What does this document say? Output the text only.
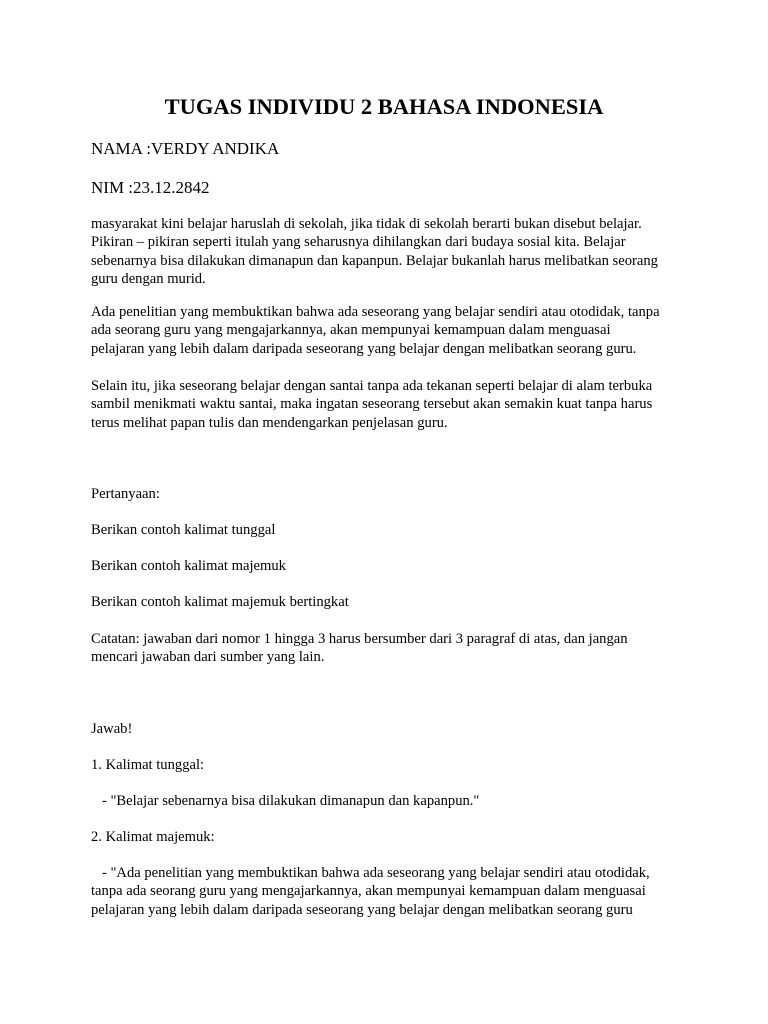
TUGAS INDIVIDU 2 BAHASA INDONESIA

NAMA :VERDY ANDIKA

NIM :23.12.2842

masyarakat kini belajar haruslah di sekolah, jika tidak di sekolah berarti bukan disebut belajar.
Pikiran – pikiran seperti itulah yang seharusnya dihilangkan dari budaya sosial kita. Belajar
sebenarnya bisa dilakukan dimanapun dan kapanpun. Belajar bukanlah harus melibatkan seorang
guru dengan murid.
Ada penelitian yang membuktikan bahwa ada seseorang yang belajar sendiri atau otodidak, tanpa
ada seorang guru yang mengajarkannya, akan mempunyai kemampuan dalam menguasai
pelajaran yang lebih dalam daripada seseorang yang belajar dengan melibatkan seorang guru.
Selain itu, jika seseorang belajar dengan santai tanpa ada tekanan seperti belajar di alam terbuka
sambil menikmati waktu santai, maka ingatan seseorang tersebut akan semakin kuat tanpa harus
terus melihat papan tulis dan mendengarkan penjelasan guru.

Pertanyaan:

Berikan contoh kalimat tunggal

Berikan contoh kalimat majemuk

Berikan contoh kalimat majemuk bertingkat

Catatan: jawaban dari nomor 1 hingga 3 harus bersumber dari 3 paragraf di atas, dan jangan
mencari jawaban dari sumber yang lain.

Jawab!

1. Kalimat tunggal:

- "Belajar sebenarnya bisa dilakukan dimanapun dan kapanpun."

2. Kalimat majemuk:

- "Ada penelitian yang membuktikan bahwa ada seseorang yang belajar sendiri atau otodidak,
tanpa ada seorang guru yang mengajarkannya, akan mempunyai kemampuan dalam menguasai
pelajaran yang lebih dalam daripada seseorang yang belajar dengan melibatkan seorang guru
